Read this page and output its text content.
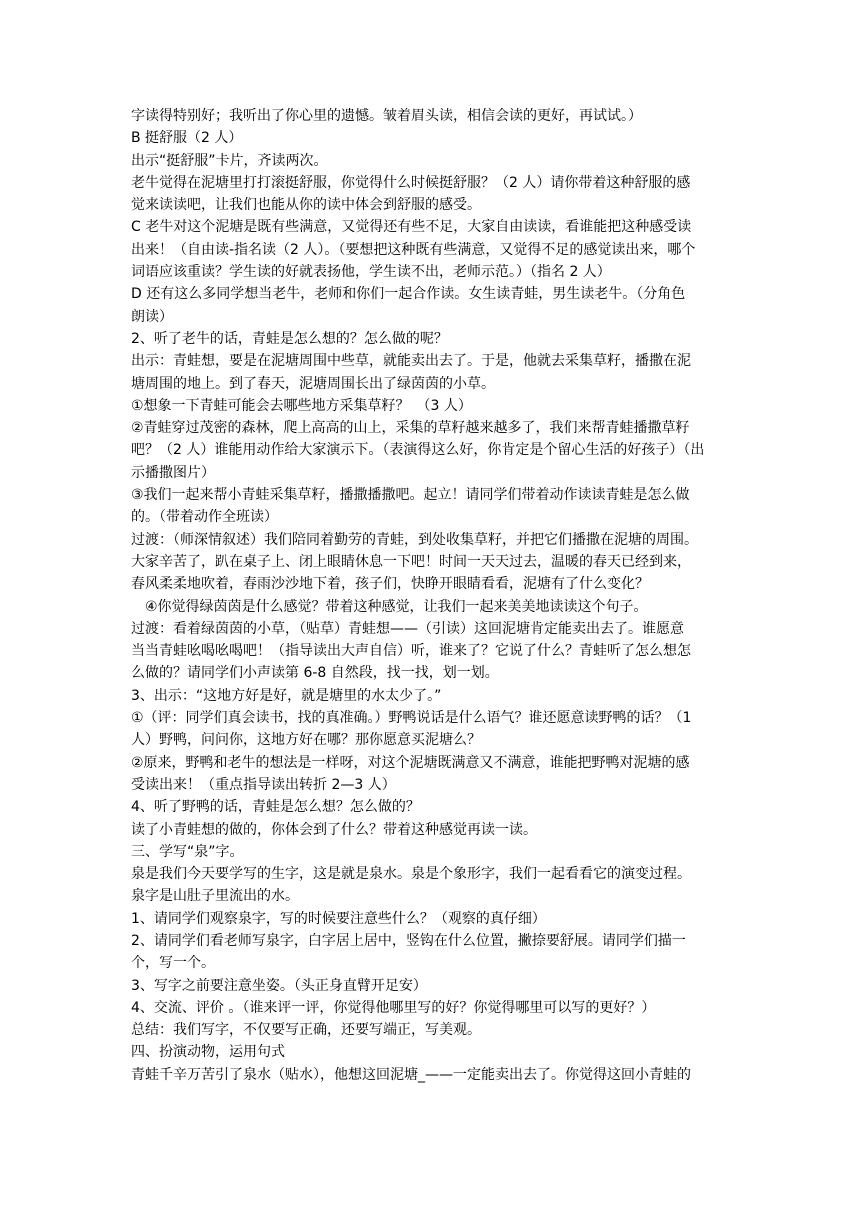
字读得特别好；我听出了你心里的遗憾。皱着眉头读，相信会读的更好，再试试。）
B 挺舒服（2 人）
出示“挺舒服”卡片，齐读两次。
老牛觉得在泥塘里打打滚挺舒服，你觉得什么时候挺舒服？（2 人）请你带着这种舒服的感
觉来读读吧，让我们也能从你的读中体会到舒服的感受。
C 老牛对这个泥塘是既有些满意，又觉得还有些不足，大家自由读读，看谁能把这种感受读
出来！（自由读-指名读（2 人）。（要想把这种既有些满意，又觉得不足的感觉读出来，哪个
词语应该重读？学生读的好就表扬他，学生读不出，老师示范。）（指名 2 人）
D 还有这么多同学想当老牛，老师和你们一起合作读。女生读青蛙，男生读老牛。（分角色
朗读）
2、听了老牛的话，青蛙是怎么想的？怎么做的呢？
出示：青蛙想，要是在泥塘周围中些草，就能卖出去了。于是，他就去采集草籽，播撒在泥
塘周围的地上。到了春天，泥塘周围长出了绿茵茵的小草。
①想象一下青蛙可能会去哪些地方采集草籽？　（3 人）
②青蛙穿过茂密的森林，爬上高高的山上，采集的草籽越来越多了，我们来帮青蛙播撒草籽
吧？（2 人）谁能用动作给大家演示下。（表演得这么好，你肯定是个留心生活的好孩子）（出
示播撒图片）
③我们一起来帮小青蛙采集草籽，播撒播撒吧。起立！请同学们带着动作读读青蛙是怎么做
的。（带着动作全班读）
过渡：（师深情叙述）我们陪同着勤劳的青蛙，到处收集草籽，并把它们播撒在泥塘的周围。
大家辛苦了，趴在桌子上、闭上眼睛休息一下吧！时间一天天过去，温暖的春天已经到来，
春风柔柔地吹着，春雨沙沙地下着，孩子们，快睁开眼睛看看，泥塘有了什么变化？
　④你觉得绿茵茵是什么感觉？带着这种感觉，让我们一起来美美地读读这个句子。
过渡：看着绿茵茵的小草，（贴草）青蛙想——（引读）这回泥塘肯定能卖出去了。谁愿意
当当青蛙吆喝吆喝吧！（指导读出大声自信）听，谁来了？它说了什么？青蛙听了怎么想怎
么做的？请同学们小声读第 6-8 自然段，找一找，划一划。
3、出示：“这地方好是好，就是塘里的水太少了。”
①（评：同学们真会读书，找的真准确。）野鸭说话是什么语气？谁还愿意读野鸭的话？（1
人）野鸭，问问你，这地方好在哪？那你愿意买泥塘么？
②原来，野鸭和老牛的想法是一样呀，对这个泥塘既满意又不满意，谁能把野鸭对泥塘的感
受读出来！（重点指导读出转折 2—3 人）
4、听了野鸭的话，青蛙是怎么想？怎么做的？
读了小青蛙想的做的，你体会到了什么？带着这种感觉再读一读。
三、学写“泉”字。
泉是我们今天要学写的生字，这是就是泉水。泉是个象形字，我们一起看看它的演变过程。
泉字是山肚子里流出的水。
1、请同学们观察泉字，写的时候要注意些什么？（观察的真仔细）
2、请同学们看老师写泉字，白字居上居中，竖钩在什么位置，撇捺要舒展。请同学们描一
个，写一个。
3、写字之前要注意坐姿。（头正身直臂开足安）
4、交流、评价 。（谁来评一评，你觉得他哪里写的好？你觉得哪里可以写的更好？）
总结：我们写字，不仅要写正确，还要写端正，写美观。
四、扮演动物，运用句式
青蛙千辛万苦引了泉水（贴水），他想这回泥塘_——一定能卖出去了。你觉得这回小青蛙的
